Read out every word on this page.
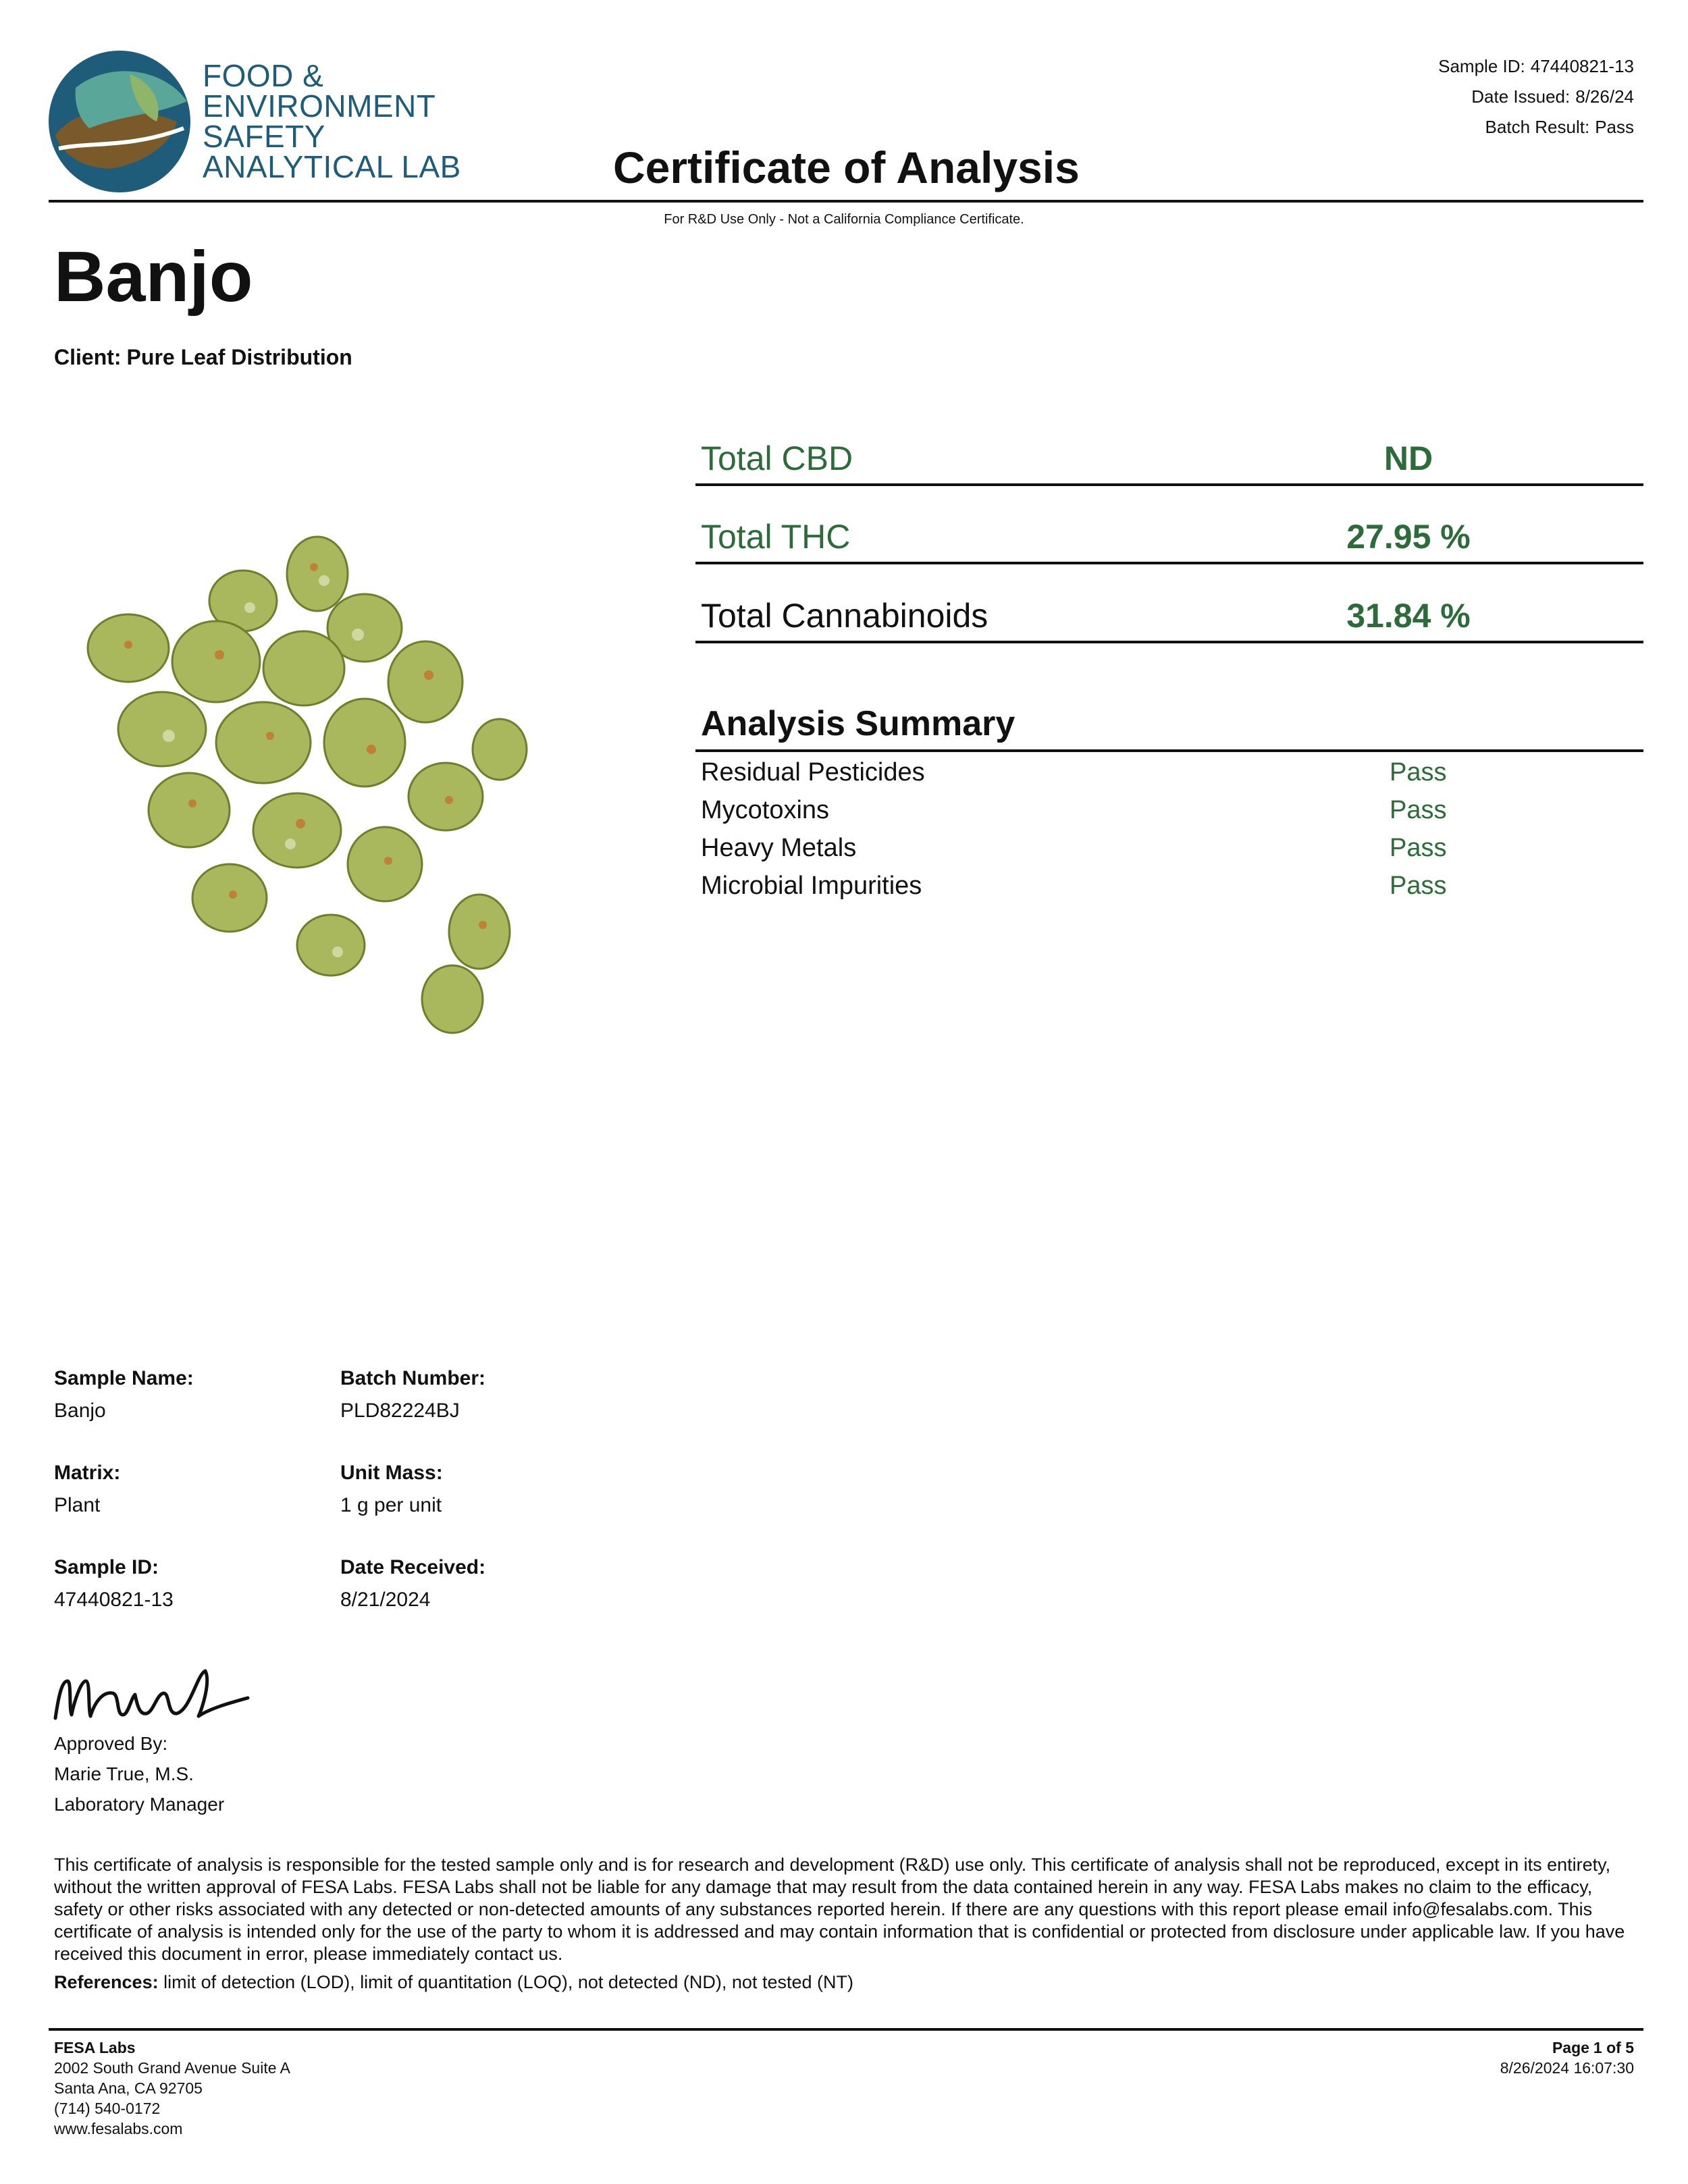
FOOD &
ENVIRONMENT
SAFETY
ANALYTICAL LAB
Sample ID: 47440821-13
Date Issued: 8/26/24
Batch Result: Pass
Certificate of Analysis
For R&D Use Only - Not a California Compliance Certificate.
Banjo
Client: Pure Leaf Distribution
Total CBD	ND
Total THC	27.95 %
Total Cannabinoids	31.84 %
Analysis Summary
Residual Pesticides	Pass
Mycotoxins	Pass
Heavy Metals	Pass
Microbial Impurities	Pass
Sample Name:
Banjo
Batch Number:
PLD82224BJ
Matrix:
Plant
Unit Mass:
1 g per unit
Sample ID:
47440821-13
Date Received:
8/21/2024
Approved By:
Marie True, M.S.
Laboratory Manager
This certificate of analysis is responsible for the tested sample only and is for research and development (R&D) use only. This certificate of analysis shall not be reproduced, except in its entirety, without the written approval of FESA Labs. FESA Labs shall not be liable for any damage that may result from the data contained herein in any way. FESA Labs makes no claim to the efficacy, safety or other risks associated with any detected or non-detected amounts of any substances reported herein. If there are any questions with this report please email info@fesalabs.com. This certificate of analysis is intended only for the use of the party to whom it is addressed and may contain information that is confidential or protected from disclosure under applicable law. If you have received this document in error, please immediately contact us.
References: limit of detection (LOD), limit of quantitation (LOQ), not detected (ND), not tested (NT)
FESA Labs
2002 South Grand Avenue Suite A
Santa Ana, CA 92705
(714) 540-0172
www.fesalabs.com
Page 1 of 5
8/26/2024 16:07:30
